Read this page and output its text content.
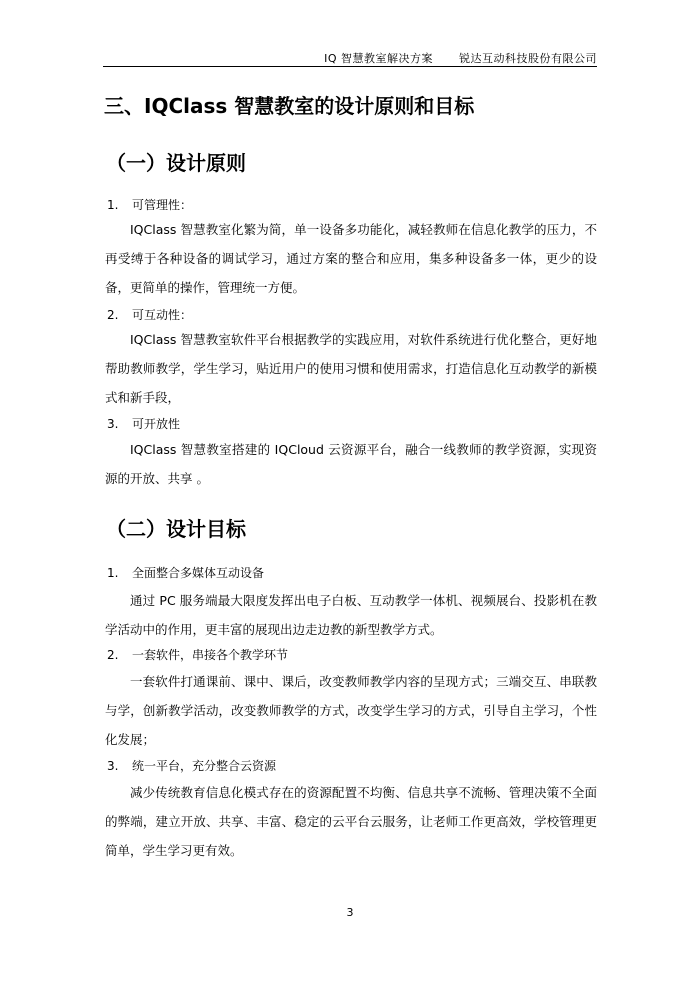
IQ 智慧教室解决方案 锐达互动科技股份有限公司
三、IQClass 智慧教室的设计原则和目标
（一）设计原则
1. 可管理性：
IQClass 智慧教室化繁为简，单一设备多功能化，减轻教师在信息化教学的压力，不再受缚于各种设备的调试学习，通过方案的整合和应用，集多种设备多一体，更少的设备，更简单的操作，管理统一方便。
2. 可互动性：
IQClass 智慧教室软件平台根据教学的实践应用，对软件系统进行优化整合，更好地帮助教师教学，学生学习，贴近用户的使用习惯和使用需求，打造信息化互动教学的新模式和新手段，
3. 可开放性
IQClass 智慧教室搭建的 IQCloud 云资源平台，融合一线教师的教学资源，实现资源的开放、共享 。
（二）设计目标
1. 全面整合多媒体互动设备
通过 PC 服务端最大限度发挥出电子白板、互动教学一体机、视频展台、投影机在教学活动中的作用，更丰富的展现出边走边教的新型教学方式。
2. 一套软件，串接各个教学环节
一套软件打通课前、课中、课后，改变教师教学内容的呈现方式；三端交互、串联教与学，创新教学活动，改变教师教学的方式，改变学生学习的方式，引导自主学习，个性化发展；
3. 统一平台，充分整合云资源
减少传统教育信息化模式存在的资源配置不均衡、信息共享不流畅、管理决策不全面的弊端，建立开放、共享、丰富、稳定的云平台云服务，让老师工作更高效，学校管理更简单，学生学习更有效。
3
